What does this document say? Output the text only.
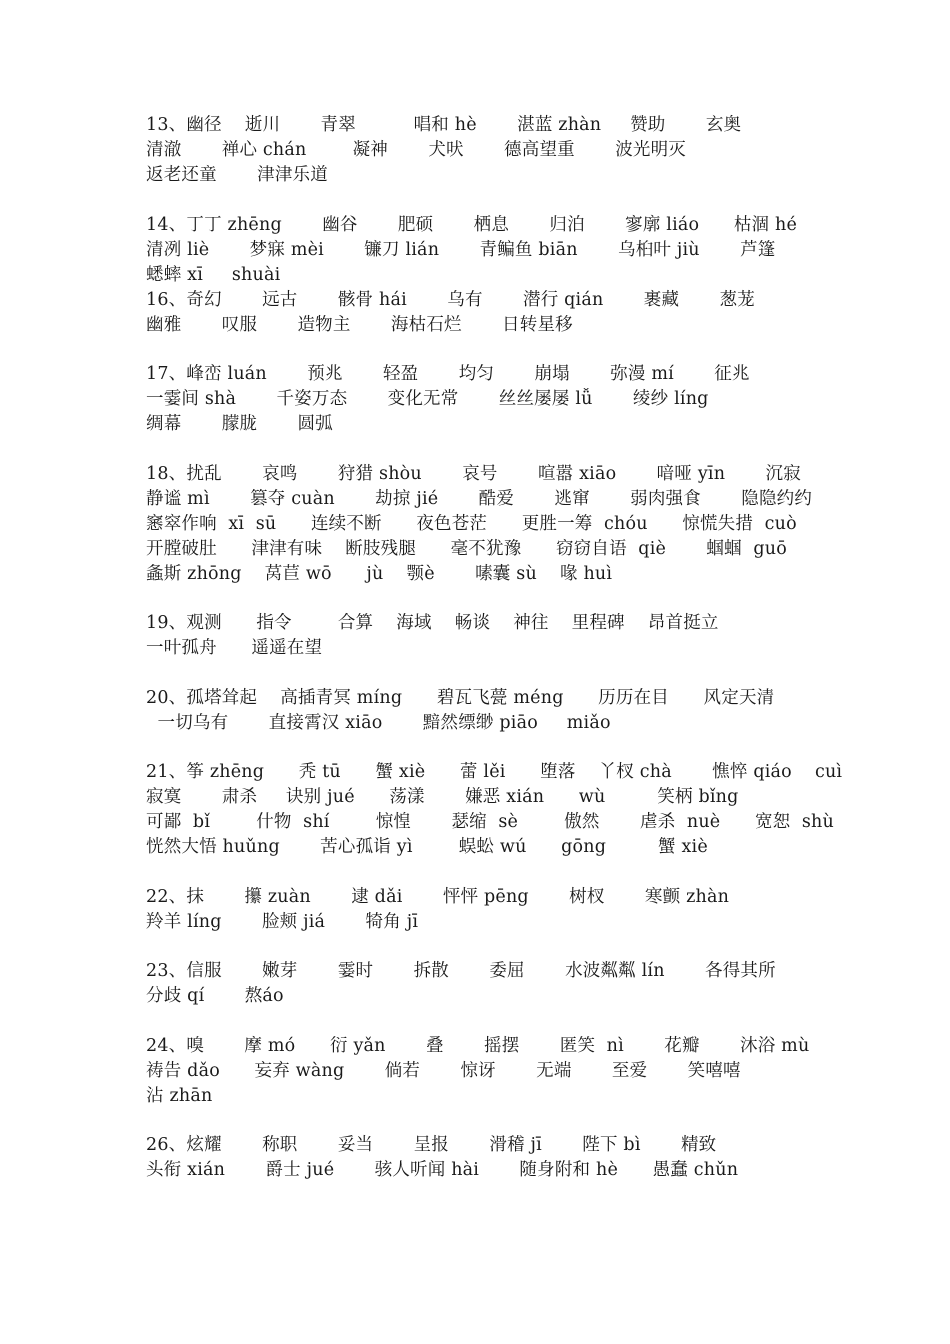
13、幽径    逝川       青翠          唱和 hè       湛蓝 zhàn     赞助       玄奥
清澈       禅心 chán        凝神       犬吠       德高望重       波光明灭
返老还童       津津乐道
14、丁丁 zhēng       幽谷       肥硕       栖息       归泊       寥廓 liáo      枯涸 hé
清冽 liè       梦寐 mèi       镰刀 lián       青鳊鱼 biān       乌桕叶 jiù       芦篷
蟋蟀 xī     shuài
16、奇幻       远古       骸骨 hái       乌有       潜行 qián       裹藏       葱茏
幽雅       叹服       造物主       海枯石烂       日转星移
17、峰峦 luán       预兆       轻盈       均匀       崩塌       弥漫 mí       征兆
一霎间 shà       千姿万态       变化无常       丝丝屡屡 lǚ       绫纱 líng
绸幕       朦胧       圆弧
18、扰乱       哀鸣       狩猎 shòu       哀号       喧嚣 xiāo       喑哑 yīn       沉寂
静谧 mì       篡夺 cuàn       劫掠 jié       酷爱       逃窜       弱肉强食       隐隐约约
窸窣作响  xī  sū      连续不断      夜色苍茫      更胜一筹  chóu      惊慌失措  cuò
开膛破肚      津津有味    断肢残腿      毫不犹豫      窃窃自语  qiè       蝈蝈  guō
螽斯 zhōng    莴苣 wō      jù    颚è       嗉囊 sù    喙 huì
19、观测      指令        合算    海域    畅谈    神往    里程碑    昂首挺立
一叶孤舟      遥遥在望
20、孤塔耸起    高插青冥 míng      碧瓦飞甍 méng      历历在目      风定天清
一切乌有       直接霄汉 xiāo       黯然缥缈 piāo     miǎo
21、筝 zhēng      秃 tū      蟹 xiè      蕾 lěi      堕落    丫杈 chà       憔悴 qiáo    cuì
寂寞       肃杀     诀别 jué      荡漾       嫌恶 xián      wù         笑柄 bǐng
可鄙  bǐ        什物  shí        惊惶       瑟缩  sè        傲然       虐杀  nuè      宽恕  shù
恍然大悟 huǔng       苦心孤诣 yì        蜈蚣 wú      gōng         蟹 xiè
22、抹       攥 zuàn       逮 dǎi       怦怦 pēng       树杈       寒颤 zhàn
羚羊 líng       脸颊 jiá       犄角 jī
23、信服       嫩芽       霎时       拆散       委屈       水波粼粼 lín       各得其所
分歧 qí       熬áo
24、嗅       摩 mó      衍 yǎn       叠       摇摆       匿笑  nì       花瓣       沐浴 mù
祷告 dǎo      妄弃 wàng       倘若       惊讶       无端       至爱       笑嘻嘻
沾 zhān
26、炫耀       称职       妥当       呈报       滑稽 jī       陛下 bì       精致
头衔 xián       爵士 jué       骇人听闻 hài       随身附和 hè      愚蠢 chǔn
